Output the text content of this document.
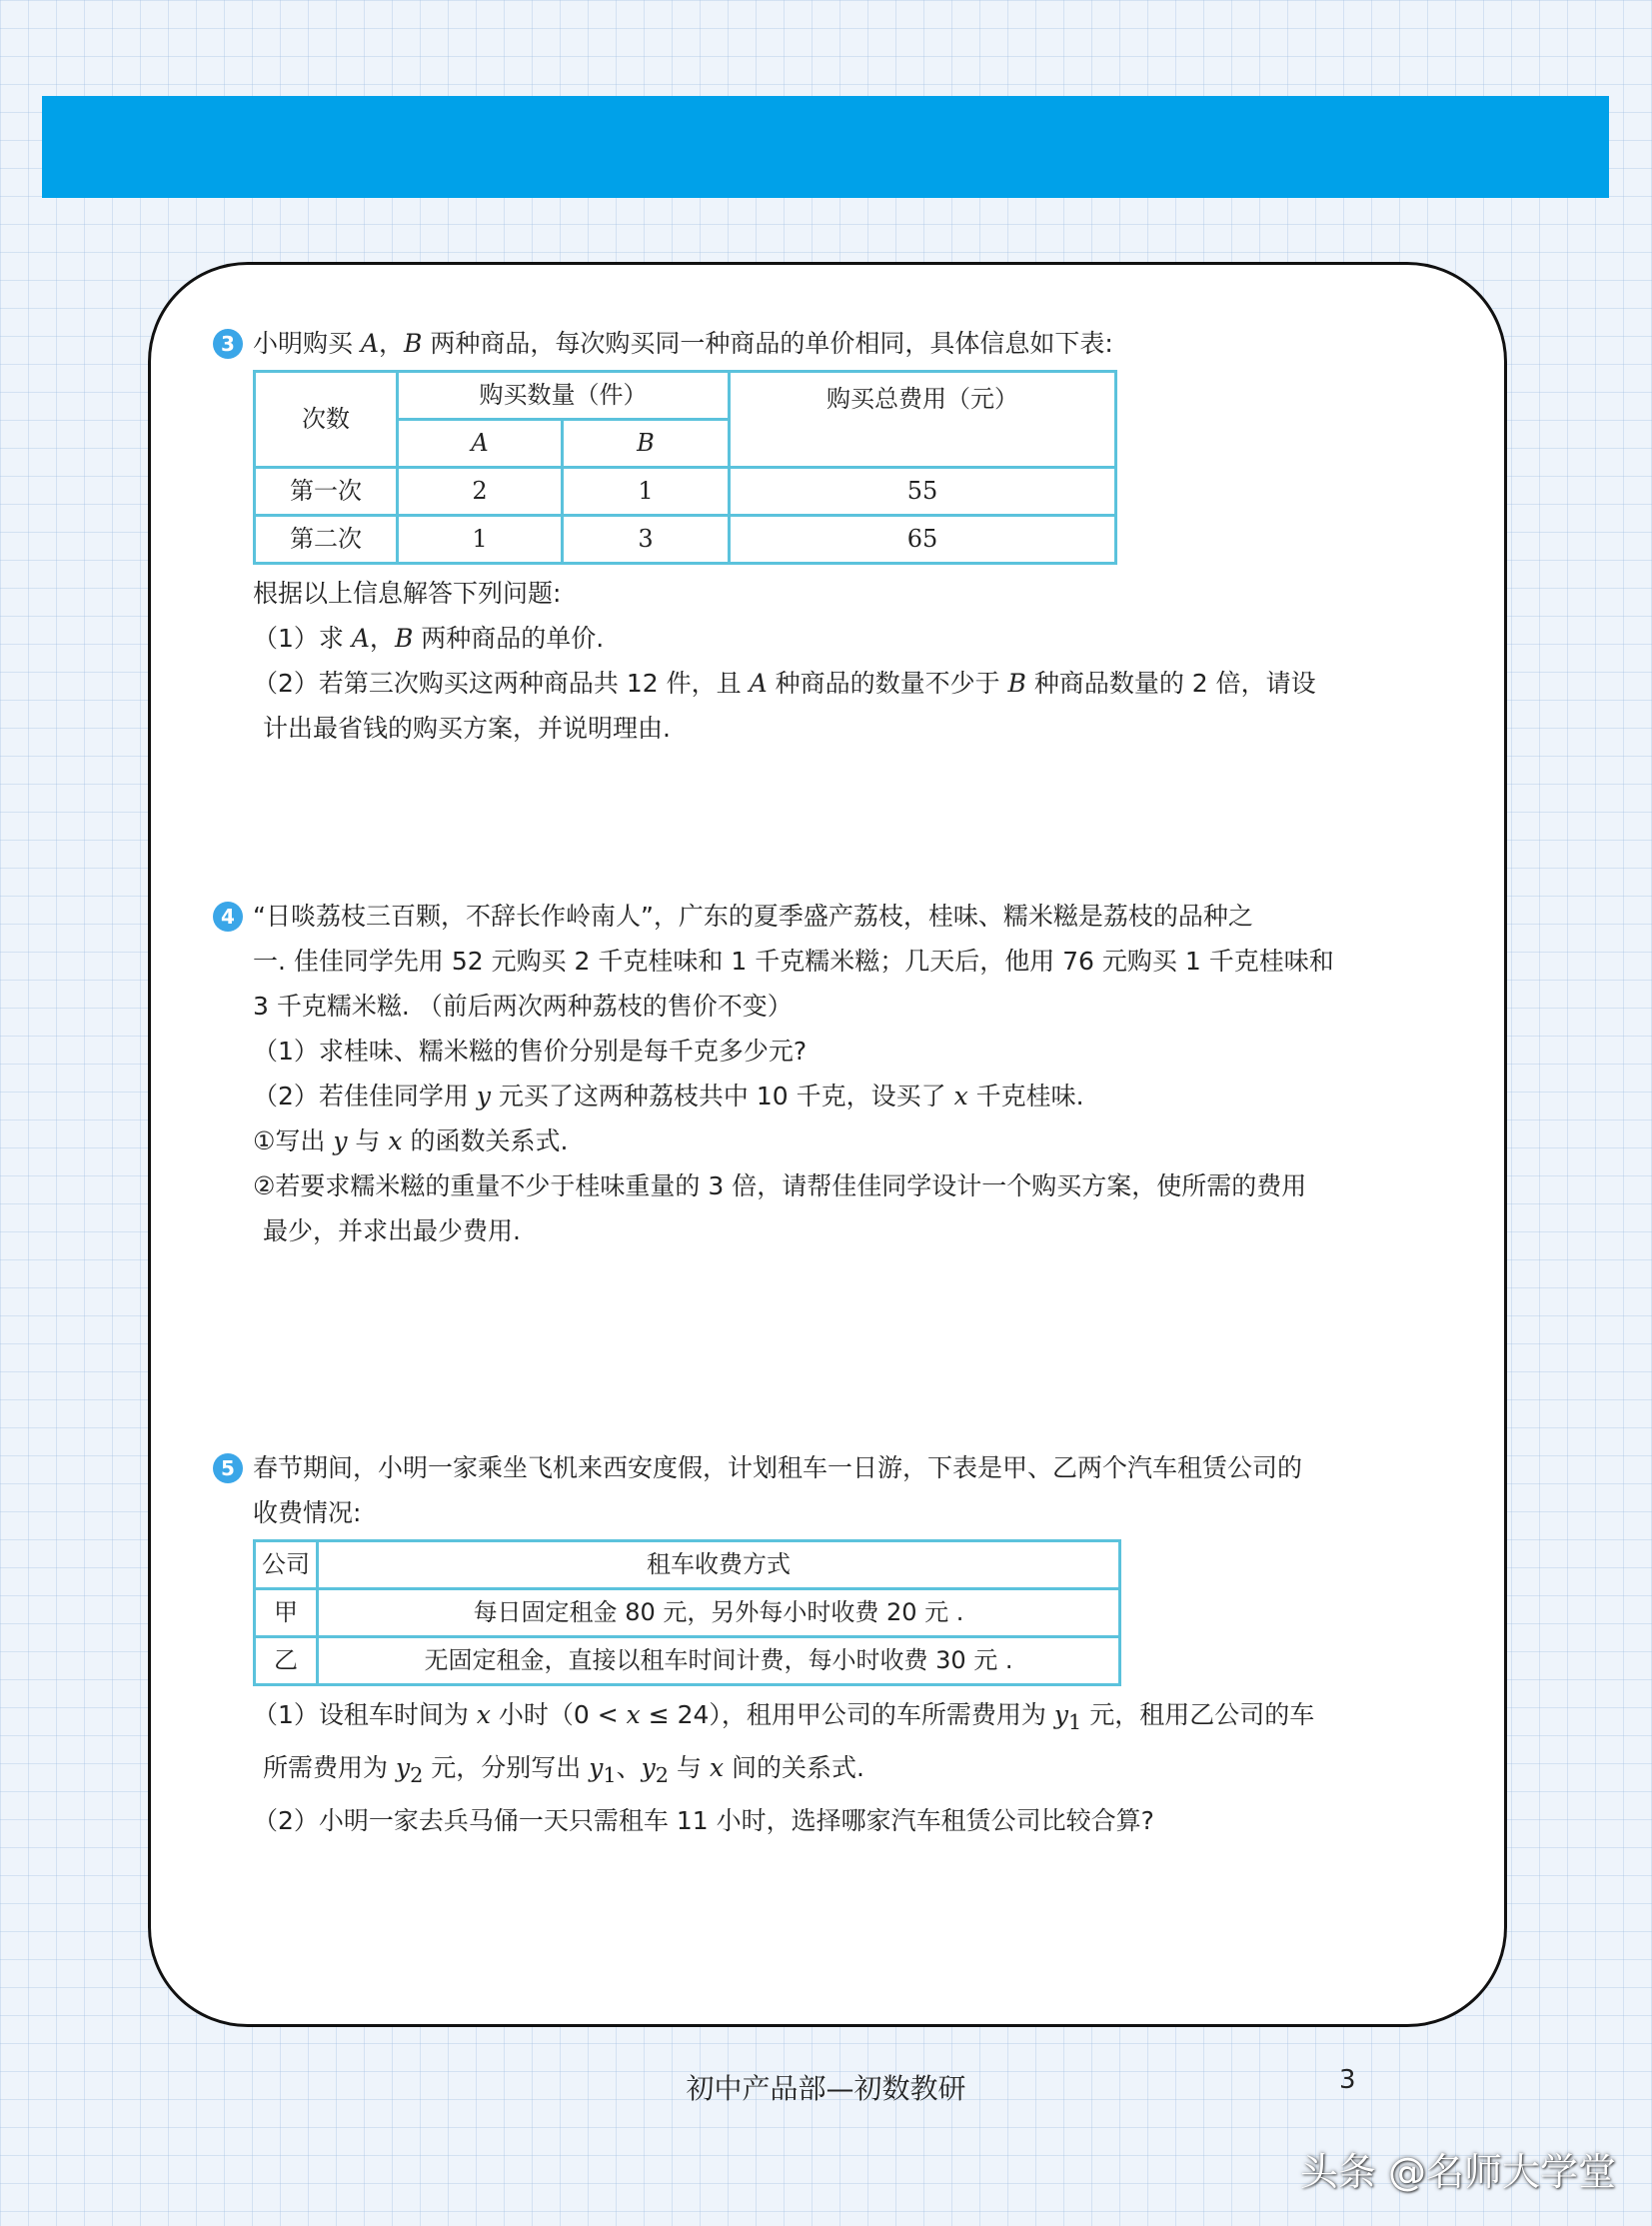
3 小明购买 A，B 两种商品，每次购买同一种商品的单价相同，具体信息如下表:

次数	购买数量（件）		购买总费用（元）
	A	B	
第一次	2	1	55
第二次	1	3	65

根据以上信息解答下列问题:

（1）求 A，B 两种商品的单价.

（2）若第三次购买这两种商品共 12 件，且 A 种商品的数量不少于 B 种商品数量的 2 倍，请设

计出最省钱的购买方案，并说明理由.

4 “日啖荔枝三百颗，不辞长作岭南人”，广东的夏季盛产荔枝，桂味、糯米糍是荔枝的品种之

一. 佳佳同学先用 52 元购买 2 千克桂味和 1 千克糯米糍；几天后，他用 76 元购买 1 千克桂味和

3 千克糯米糍. （前后两次两种荔枝的售价不变）

（1）求桂味、糯米糍的售价分别是每千克多少元?

（2）若佳佳同学用 y 元买了这两种荔枝共中 10 千克，设买了 x 千克桂味.

①写出 y 与 x 的函数关系式.

②若要求糯米糍的重量不少于桂味重量的 3 倍，请帮佳佳同学设计一个购买方案，使所需的费用

最少，并求出最少费用.

5 春节期间，小明一家乘坐飞机来西安度假，计划租车一日游，下表是甲、乙两个汽车租赁公司的

收费情况:

公司	租车收费方式
甲	每日固定租金 80 元，另外每小时收费 20 元 .
乙	无固定租金，直接以租车时间计费，每小时收费 30 元 .

（1）设租车时间为 x 小时（0 < x ≤ 24），租用甲公司的车所需费用为 $y_1$ 元，租用乙公司的车

所需费用为 $y_2$ 元，分别写出 $y_1$、$y_2$ 与 x 间的关系式.

（2）小明一家去兵马俑一天只需租车 11 小时，选择哪家汽车租赁公司比较合算?

初中产品部—初数教研	3
头条 @名师大学堂
